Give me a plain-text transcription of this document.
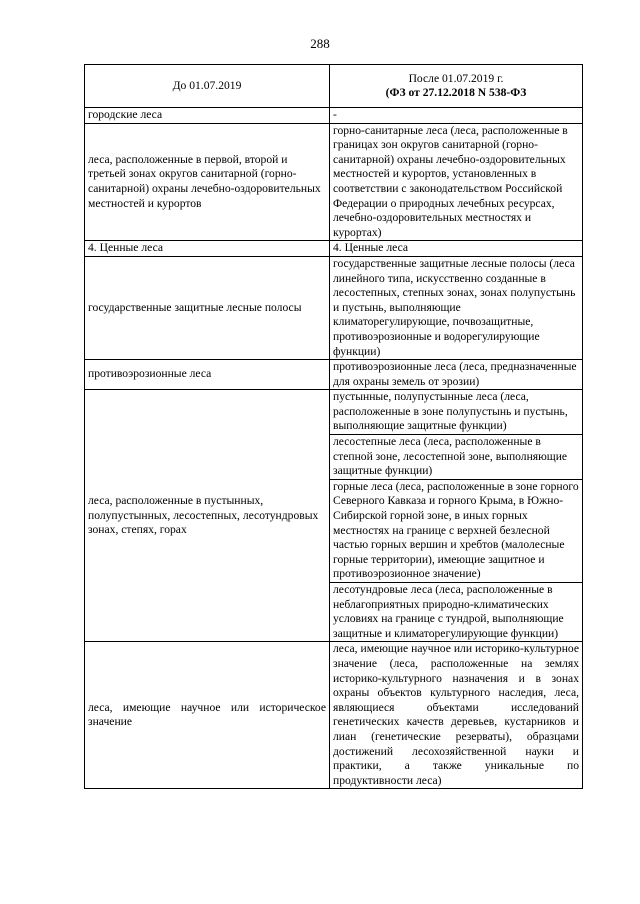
288
До 01.07.2019	После 01.07.2019 г.
(ФЗ от 27.12.2018 N 538-ФЗ

городские леса	-
леса, расположенные в первой, второй и третьей зонах округов санитарной (горно-санитарной) охраны лечебно-оздоровительных местностей и курортов	горно-санитарные леса (леса, расположенные в границах зон округов санитарной (горно-санитарной) охраны лечебно-оздоровительных местностей и курортов, установленных в соответствии с законодательством Российской Федерации о природных лечебных ресурсах, лечебно-оздоровительных местностях и курортах)
4. Ценные леса	4. Ценные леса
государственные защитные лесные полосы	государственные защитные лесные полосы (леса линейного типа, искусственно созданные в лесостепных, степных зонах, зонах полупустынь и пустынь, выполняющие климаторегулирующие, почвозащитные, противоэрозионные и водорегулирующие функции)
противоэрозионные леса	противоэрозионные леса (леса, предназначенные для охраны земель от эрозии)
леса, расположенные в пустынных, полупустынных, лесостепных, лесотундровых зонах, степях, горах	пустынные, полупустынные леса (леса, расположенные в зоне полупустынь и пустынь, выполняющие защитные функции)
	лесостепные леса (леса, расположенные в степной зоне, лесостепной зоне, выполняющие защитные функции)
	горные леса (леса, расположенные в зоне горного Северного Кавказа и горного Крыма, в Южно-Сибирской горной зоне, в иных горных местностях на границе с верхней безлесной частью горных вершин и хребтов (малолесные горные территории), имеющие защитное и противоэрозионное значение)
	лесотундровые леса (леса, расположенные в неблагоприятных природно-климатических условиях на границе с тундрой, выполняющие защитные и климаторегулирующие функции)
леса, имеющие научное или историческое значение	леса, имеющие научное или историко-культурное значение (леса, расположенные на землях историко-культурного назначения и в зонах охраны объектов культурного наследия, леса, являющиеся объектами исследований генетических качеств деревьев, кустарников и лиан (генетические резерваты), образцами достижений лесохозяйственной науки и практики, а также уникальные по продуктивности леса)
